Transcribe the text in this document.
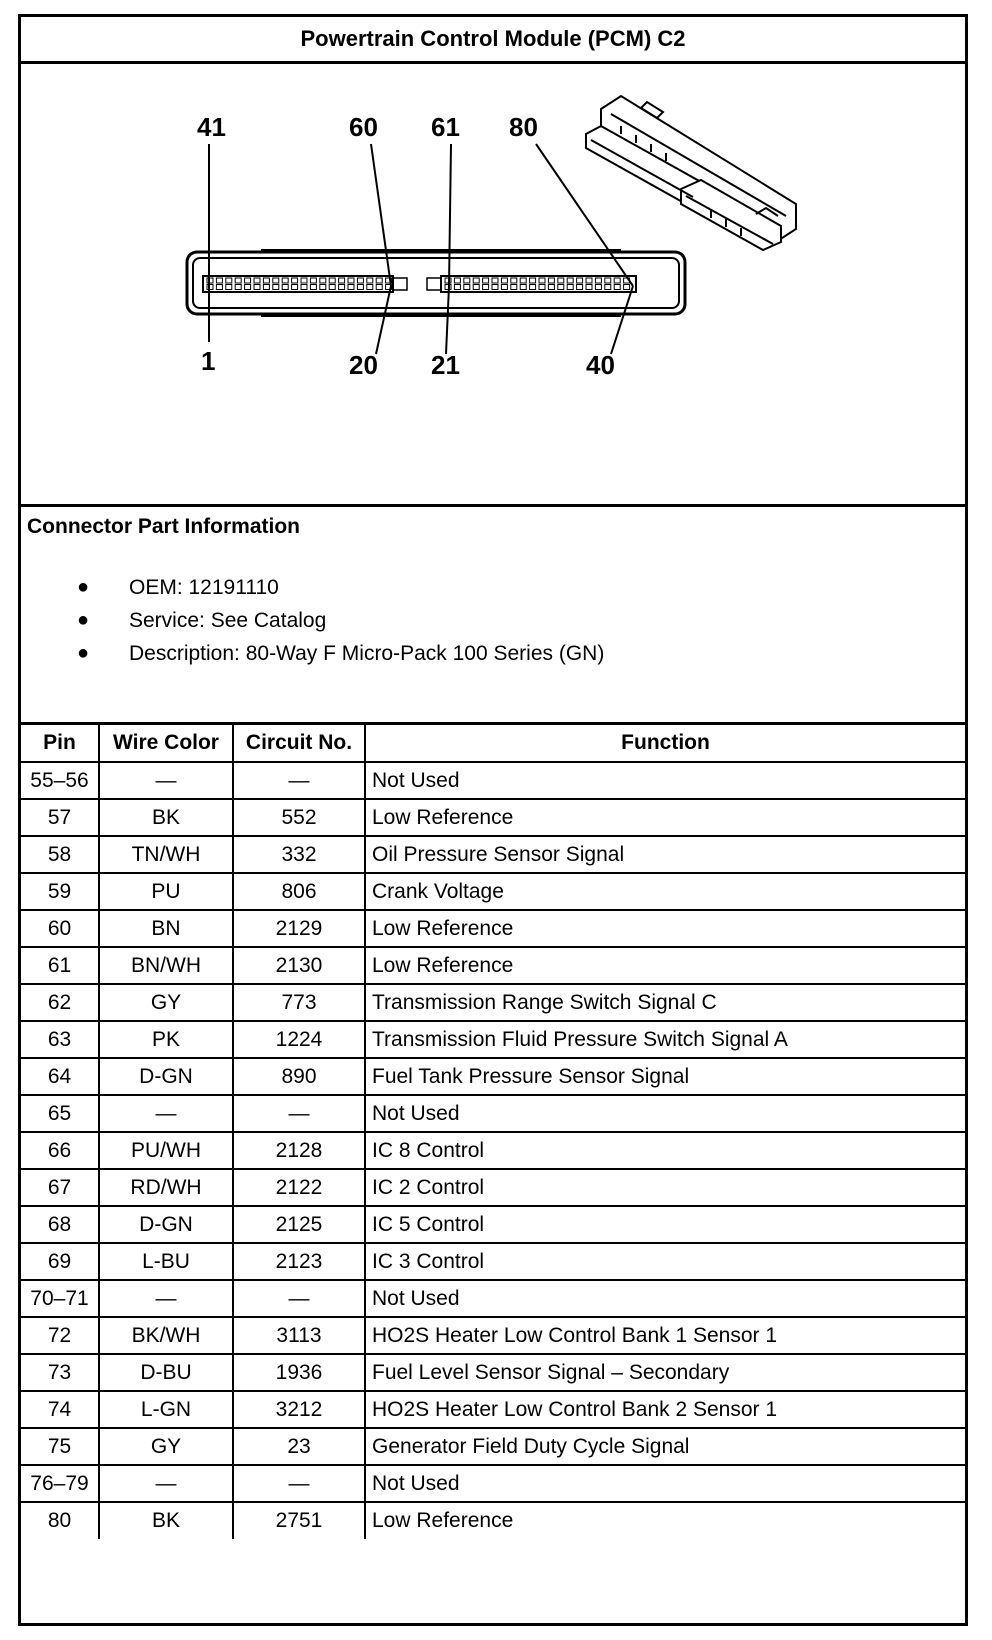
Powertrain Control Module (PCM) C2
41	60 61 80
1	20 21	40
Connector Part Information
● OEM: 12191110
● Service: See Catalog
● Description: 80-Way F Micro-Pack 100 Series (GN)
Pin	Wire Color	Circuit No.	Function
55–56	—	—	Not Used
57	BK	552	Low Reference
58	TN/WH	332	Oil Pressure Sensor Signal
59	PU	806	Crank Voltage
60	BN	2129	Low Reference
61	BN/WH	2130	Low Reference
62	GY	773	Transmission Range Switch Signal C
63	PK	1224	Transmission Fluid Pressure Switch Signal A
64	D-GN	890	Fuel Tank Pressure Sensor Signal
65	—	—	Not Used
66	PU/WH	2128	IC 8 Control
67	RD/WH	2122	IC 2 Control
68	D-GN	2125	IC 5 Control
69	L-BU	2123	IC 3 Control
70–71	—	—	Not Used
72	BK/WH	3113	HO2S Heater Low Control Bank 1 Sensor 1
73	D-BU	1936	Fuel Level Sensor Signal – Secondary
74	L-GN	3212	HO2S Heater Low Control Bank 2 Sensor 1
75	GY	23	Generator Field Duty Cycle Signal
76–79	—	—	Not Used
80	BK	2751	Low Reference
